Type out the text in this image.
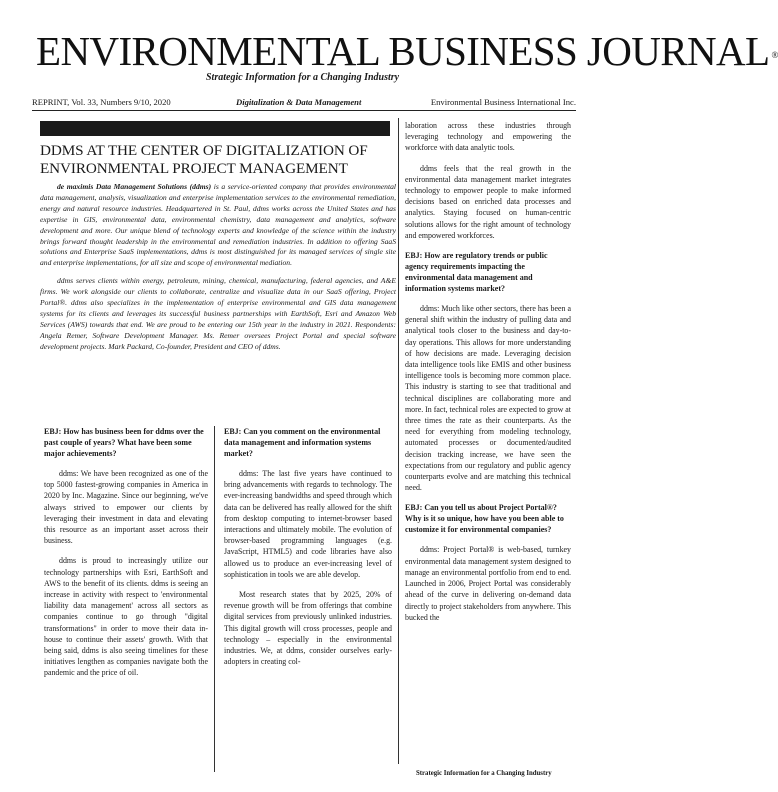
ENVIRONMENTAL BUSINESS JOURNAL ®
Strategic Information for a Changing Industry
REPRINT, Vol. 33, Numbers 9/10, 2020	Digitalization & Data Management	Environmental Business International Inc.

DDMS AT THE CENTER OF DIGITALIZATION OF
ENVIRONMENTAL PROJECT MANAGEMENT

de maximis Data Management Solutions (ddms) is a service-oriented company that provides environmental data management, analysis, visualization and enterprise implementation services to the environmental remediation, energy and natural resource industries. Headquartered in St. Paul, ddms works across the United States and has expertise in GIS, environmental data, environmental chemistry, data management and analytics, software development and more. Our unique blend of technology experts and knowledge of the science within the industry brings forward thought leadership in the environmental and remediation industries. In addition to offering SaaS solutions and Enterprise SaaS implementations, ddms is most distinguished for its managed services of single site and enterprise implementations, for all size and scope of environmental mediation.

ddms serves clients within energy, petroleum, mining, chemical, manufacturing, federal agencies, and A&E firms. We work alongside our clients to collaborate, centralize and visualize data in our SaaS offering, Project Portal®. ddms also specializes in the implementation of enterprise environmental and GIS data management systems for its clients and leverages its successful business partnerships with EarthSoft, Esri and Amazon Web Services (AWS) towards that end. We are proud to be entering our 15th year in the industry in 2021. Respondents: Angela Remer, Software Development Manager. Ms. Remer oversees Project Portal and special software development projects. Mark Packard, Co-founder, President and CEO of ddms.

EBJ: How has business been for ddms over the past couple of years? What have been some major achievements?

ddms: We have been recognized as one of the top 5000 fastest-growing companies in America in 2020 by Inc. Magazine. Since our beginning, we've always strived to empower our clients by leveraging their investment in data and elevating this resource as an important asset across their business.

ddms is proud to increasingly utilize our technology partnerships with Esri, EarthSoft and AWS to the benefit of its clients. ddms is seeing an increase in activity with respect to 'environmental liability data management' across all sectors as companies continue to go through "digital transformations" in order to move their data in-house to continue their assets' growth. With that being said, ddms is also seeing timelines for these initiatives lengthen as companies navigate both the pandemic and the price of oil.

EBJ: Can you comment on the environmental data management and information systems market?

ddms: The last five years have continued to bring advancements with regards to technology. The ever-increasing bandwidths and speed through which data can be delivered has really allowed for the shift from desktop computing to internet-browser based interactions and ultimately mobile. The evolution of browser-based programming languages (e.g. JavaScript, HTML5) and code libraries have also allowed us to produce an ever-increasing level of sophistication in tools we are able develop.

Most research states that by 2025, 20% of revenue growth will be from offerings that combine digital services from previously unlinked industries. This digital growth will cross processes, people and technology – especially in the environmental industries. We, at ddms, consider ourselves early-adopters in creating col-

laboration across these industries through leveraging technology and empowering the workforce with data analytic tools.

ddms feels that the real growth in the environmental data management market integrates technology to empower people to make informed decisions based on enriched data processes and analytics. Staying focused on human-centric solutions allows for the right amount of technology and empowered workforces.

EBJ: How are regulatory trends or public agency requirements impacting the environmental data management and information systems market?

ddms: Much like other sectors, there has been a general shift within the industry of pulling data and analytical tools closer to the business and day-to-day operations. This allows for more understanding of how decisions are made. Leveraging decision data intelligence tools like EMIS and other business intelligence tools is becoming more common place. This industry is starting to see that traditional and technical disciplines are collaborating more and more. In fact, technical roles are expected to grow at three times the rate as their counterparts. As the need for everything from modeling technology, automated processes or documented/audited decision tracking increase, we have seen the expectations from our regulatory and public agency counterparts evolve and are matching this technical need.

EBJ: Can you tell us about Project Portal®? Why is it so unique, how have you been able to customize it for environmental companies?

ddms: Project Portal® is web-based, turnkey environmental data management system designed to manage an environmental portfolio from end to end. Launched in 2006, Project Portal was considerably ahead of the curve in delivering on-demand data directly to project stakeholders from anywhere. This bucked the

Strategic Information for a Changing Industry
